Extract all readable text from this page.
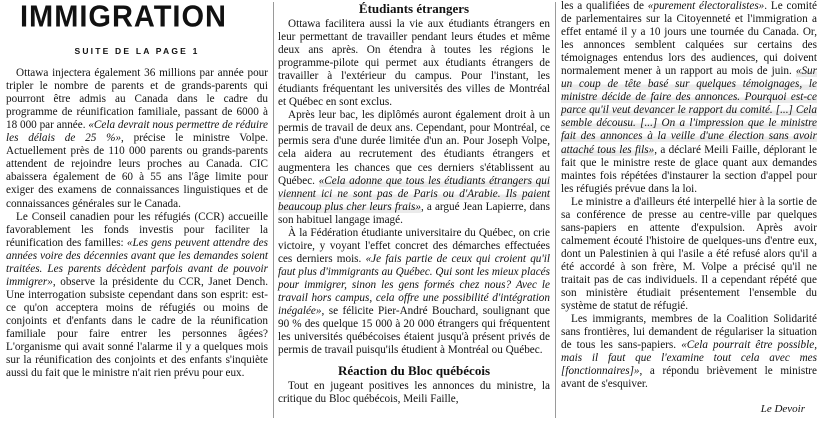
IMMIGRATION
SUITE DE LA PAGE 1

Ottawa injectera également 36 millions par année pour tripler le nombre de parents et de grands-parents qui pourront être admis au Canada dans le cadre du programme de réunification familiale, passant de 6000 à 18 000 par année. «Cela devrait nous permettre de réduire les délais de 25 %», précise le ministre Volpe. Actuellement près de 110 000 parents ou grands-parents attendent de rejoindre leurs proches au Canada. CIC abaissera également de 60 à 55 ans l'âge limite pour exiger des examens de connaissances linguistiques et de connaissances générales sur le Canada.

Le Conseil canadien pour les réfugiés (CCR) accueille favorablement les fonds investis pour faciliter la réunification des familles: «Les gens peuvent attendre des années voire des décennies avant que les demandes soient traitées. Les parents décèdent parfois avant de pouvoir immigrer», observe la présidente du CCR, Janet Dench. Une interrogation subsiste cependant dans son esprit: est-ce qu'on acceptera moins de réfugiés ou moins de conjoints et d'enfants dans le cadre de la réunification familiale pour faire entrer les personnes âgées? L'organisme qui avait sonné l'alarme il y a quelques mois sur la réunification des conjoints et des enfants s'inquiète aussi du fait que le ministre n'ait rien prévu pour eux.

Étudiants étrangers

Ottawa facilitera aussi la vie aux étudiants étrangers en leur permettant de travailler pendant leurs études et même deux ans après. On étendra à toutes les régions le programme-pilote qui permet aux étudiants étrangers de travailler à l'extérieur du campus. Pour l'instant, les étudiants fréquentant les universités des villes de Montréal et Québec en sont exclus.

Après leur bac, les diplômés auront également droit à un permis de travail de deux ans. Cependant, pour Montréal, ce permis sera d'une durée limitée d'un an. Pour Joseph Volpe, cela aidera au recrutement des étudiants étrangers et augmentera les chances que ces derniers s'établissent au Québec. «Cela adonne que tous les étudiants étrangers qui viennent ici ne sont pas de Paris ou d'Arabie. Ils paient beaucoup plus cher leurs frais», a argué Jean Lapierre, dans son habituel langage imagé.

À la Fédération étudiante universitaire du Québec, on crie victoire, y voyant l'effet concret des démarches effectuées ces derniers mois. «Je fais partie de ceux qui croient qu'il faut plus d'immigrants au Québec. Qui sont les mieux placés pour immigrer, sinon les gens formés chez nous? Avec le travail hors campus, cela offre une possibilité d'intégration inégalée», se félicite Pier-André Bouchard, soulignant que 90 % des quelque 15 000 à 20 000 étrangers qui fréquentent les universités québécoises étaient jusqu'à présent privés de permis de travail puisqu'ils étudient à Montréal ou Québec.

Réaction du Bloc québécois

Tout en jugeant positives les annonces du ministre, la critique du Bloc québécois, Meili Faille,

les a qualifiées de «purement électoralistes». Le comité de parlementaires sur la Citoyenneté et l'immigration a effet entamé il y a 10 jours une tournée du Canada. Or, les annonces semblent calquées sur certains des témoignages entendus lors des audiences, qui doivent normalement mener à un rapport au mois de juin. «Sur un coup de tête basé sur quelques témoignages, le ministre décide de faire des annonces. Pourquoi est-ce parce qu'il veut devancer le rapport du comité. [...] Cela semble décousu. [...] On a l'impression que le ministre fait des annonces à la veille d'une élection sans avoir attaché tous les fils», a déclaré Meili Faille, déplorant le fait que le ministre reste de glace quant aux demandes maintes fois répétées d'instaurer la section d'appel pour les réfugiés prévue dans la loi.

Le ministre a d'ailleurs été interpellé hier à la sortie de sa conférence de presse au centre-ville par quelques sans-papiers en attente d'expulsion. Après avoir calmement écouté l'histoire de quelques-uns d'entre eux, dont un Palestinien à qui l'asile a été refusé alors qu'il a été accordé à son frère, M. Volpe a précisé qu'il ne traitait pas de cas individuels. Il a cependant répété que son ministère étudiait présentement l'ensemble du système de statut de réfugié.

Les immigrants, membres de la Coalition Solidarité sans frontières, lui demandent de régulariser la situation de tous les sans-papiers. «Cela pourrait être possible, mais il faut que l'examine tout cela avec mes [fonctionnaires]», a répondu brièvement le ministre avant de s'esquiver.

Le Devoir
